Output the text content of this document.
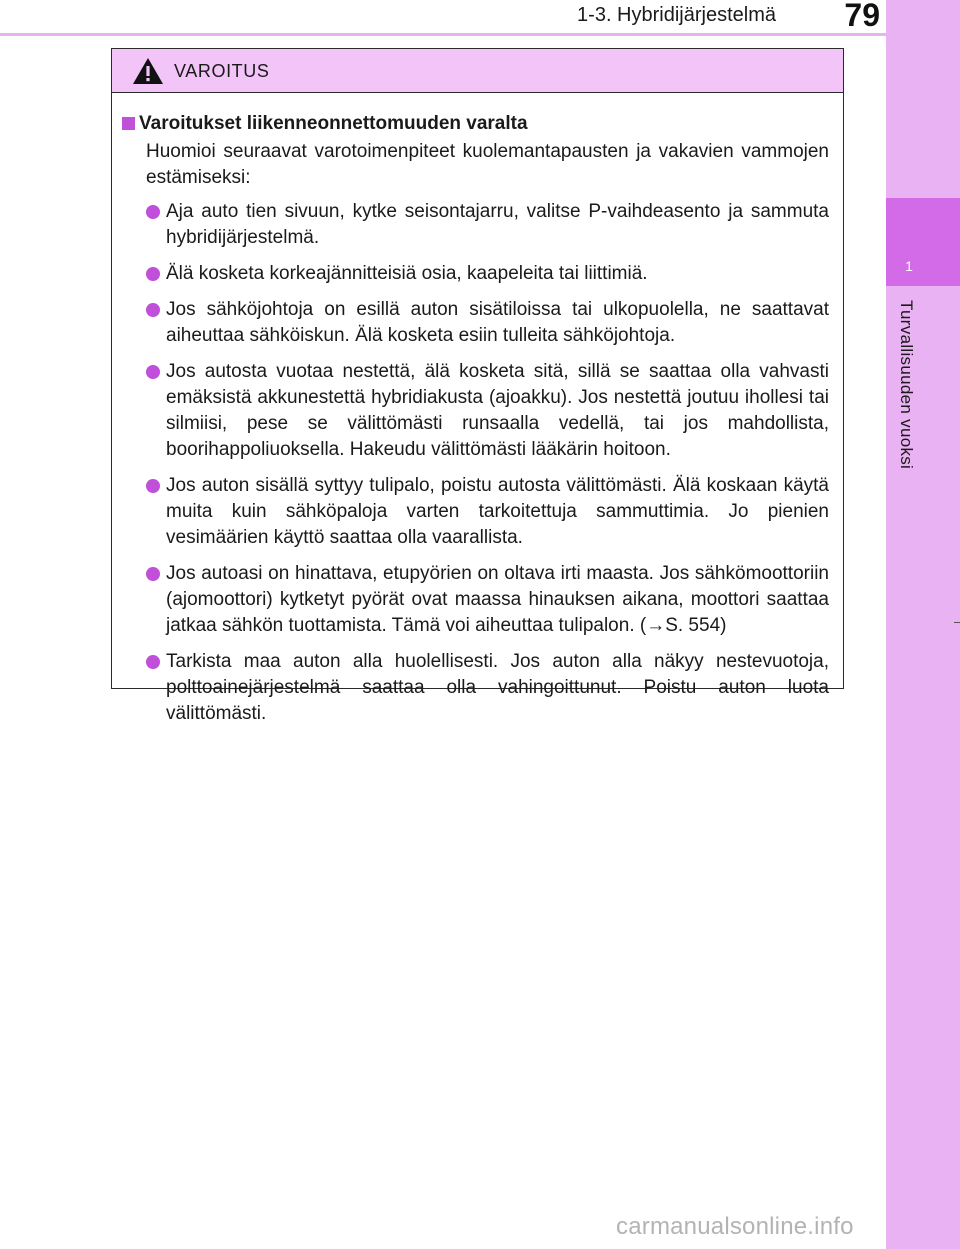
1-3. Hybridijärjestelmä	79
1
Turvallisuuden vuoksi
VAROITUS

Varoitukset liikenneonnettomuuden varalta

Huomioi seuraavat varotoimenpiteet kuolemantapausten ja vakavien vammojen estämiseksi:

Aja auto tien sivuun, kytke seisontajarru, valitse P-vaihdeasento ja sammuta hybridijärjestelmä.
Älä kosketa korkeajännitteisiä osia, kaapeleita tai liittimiä.
Jos sähköjohtoja on esillä auton sisätiloissa tai ulkopuolella, ne saattavat aiheuttaa sähköiskun. Älä kosketa esiin tulleita sähköjohtoja.
Jos autosta vuotaa nestettä, älä kosketa sitä, sillä se saattaa olla vahvasti emäksistä akkunestettä hybridiakusta (ajoakku). Jos nestettä joutuu ihollesi tai silmiisi, pese se välittömästi runsaalla vedellä, tai jos mahdollista, boorihappoliuoksella. Hakeudu välittömästi lääkärin hoitoon.
Jos auton sisällä syttyy tulipalo, poistu autosta välittömästi. Älä koskaan käytä muita kuin sähköpaloja varten tarkoitettuja sammuttimia. Jo pienien vesimäärien käyttö saattaa olla vaarallista.
Jos autoasi on hinattava, etupyörien on oltava irti maasta. Jos sähkömoottoriin (ajomoottori) kytketyt pyörät ovat maassa hinauksen aikana, moottori saattaa jatkaa sähkön tuottamista. Tämä voi aiheuttaa tulipalon. (→S. 554)
Tarkista maa auton alla huolellisesti. Jos auton alla näkyy nestevuotoja, polttoainejärjestelmä saattaa olla vahingoittunut. Poistu auton luota välittömästi.
carmanualsonline.info
